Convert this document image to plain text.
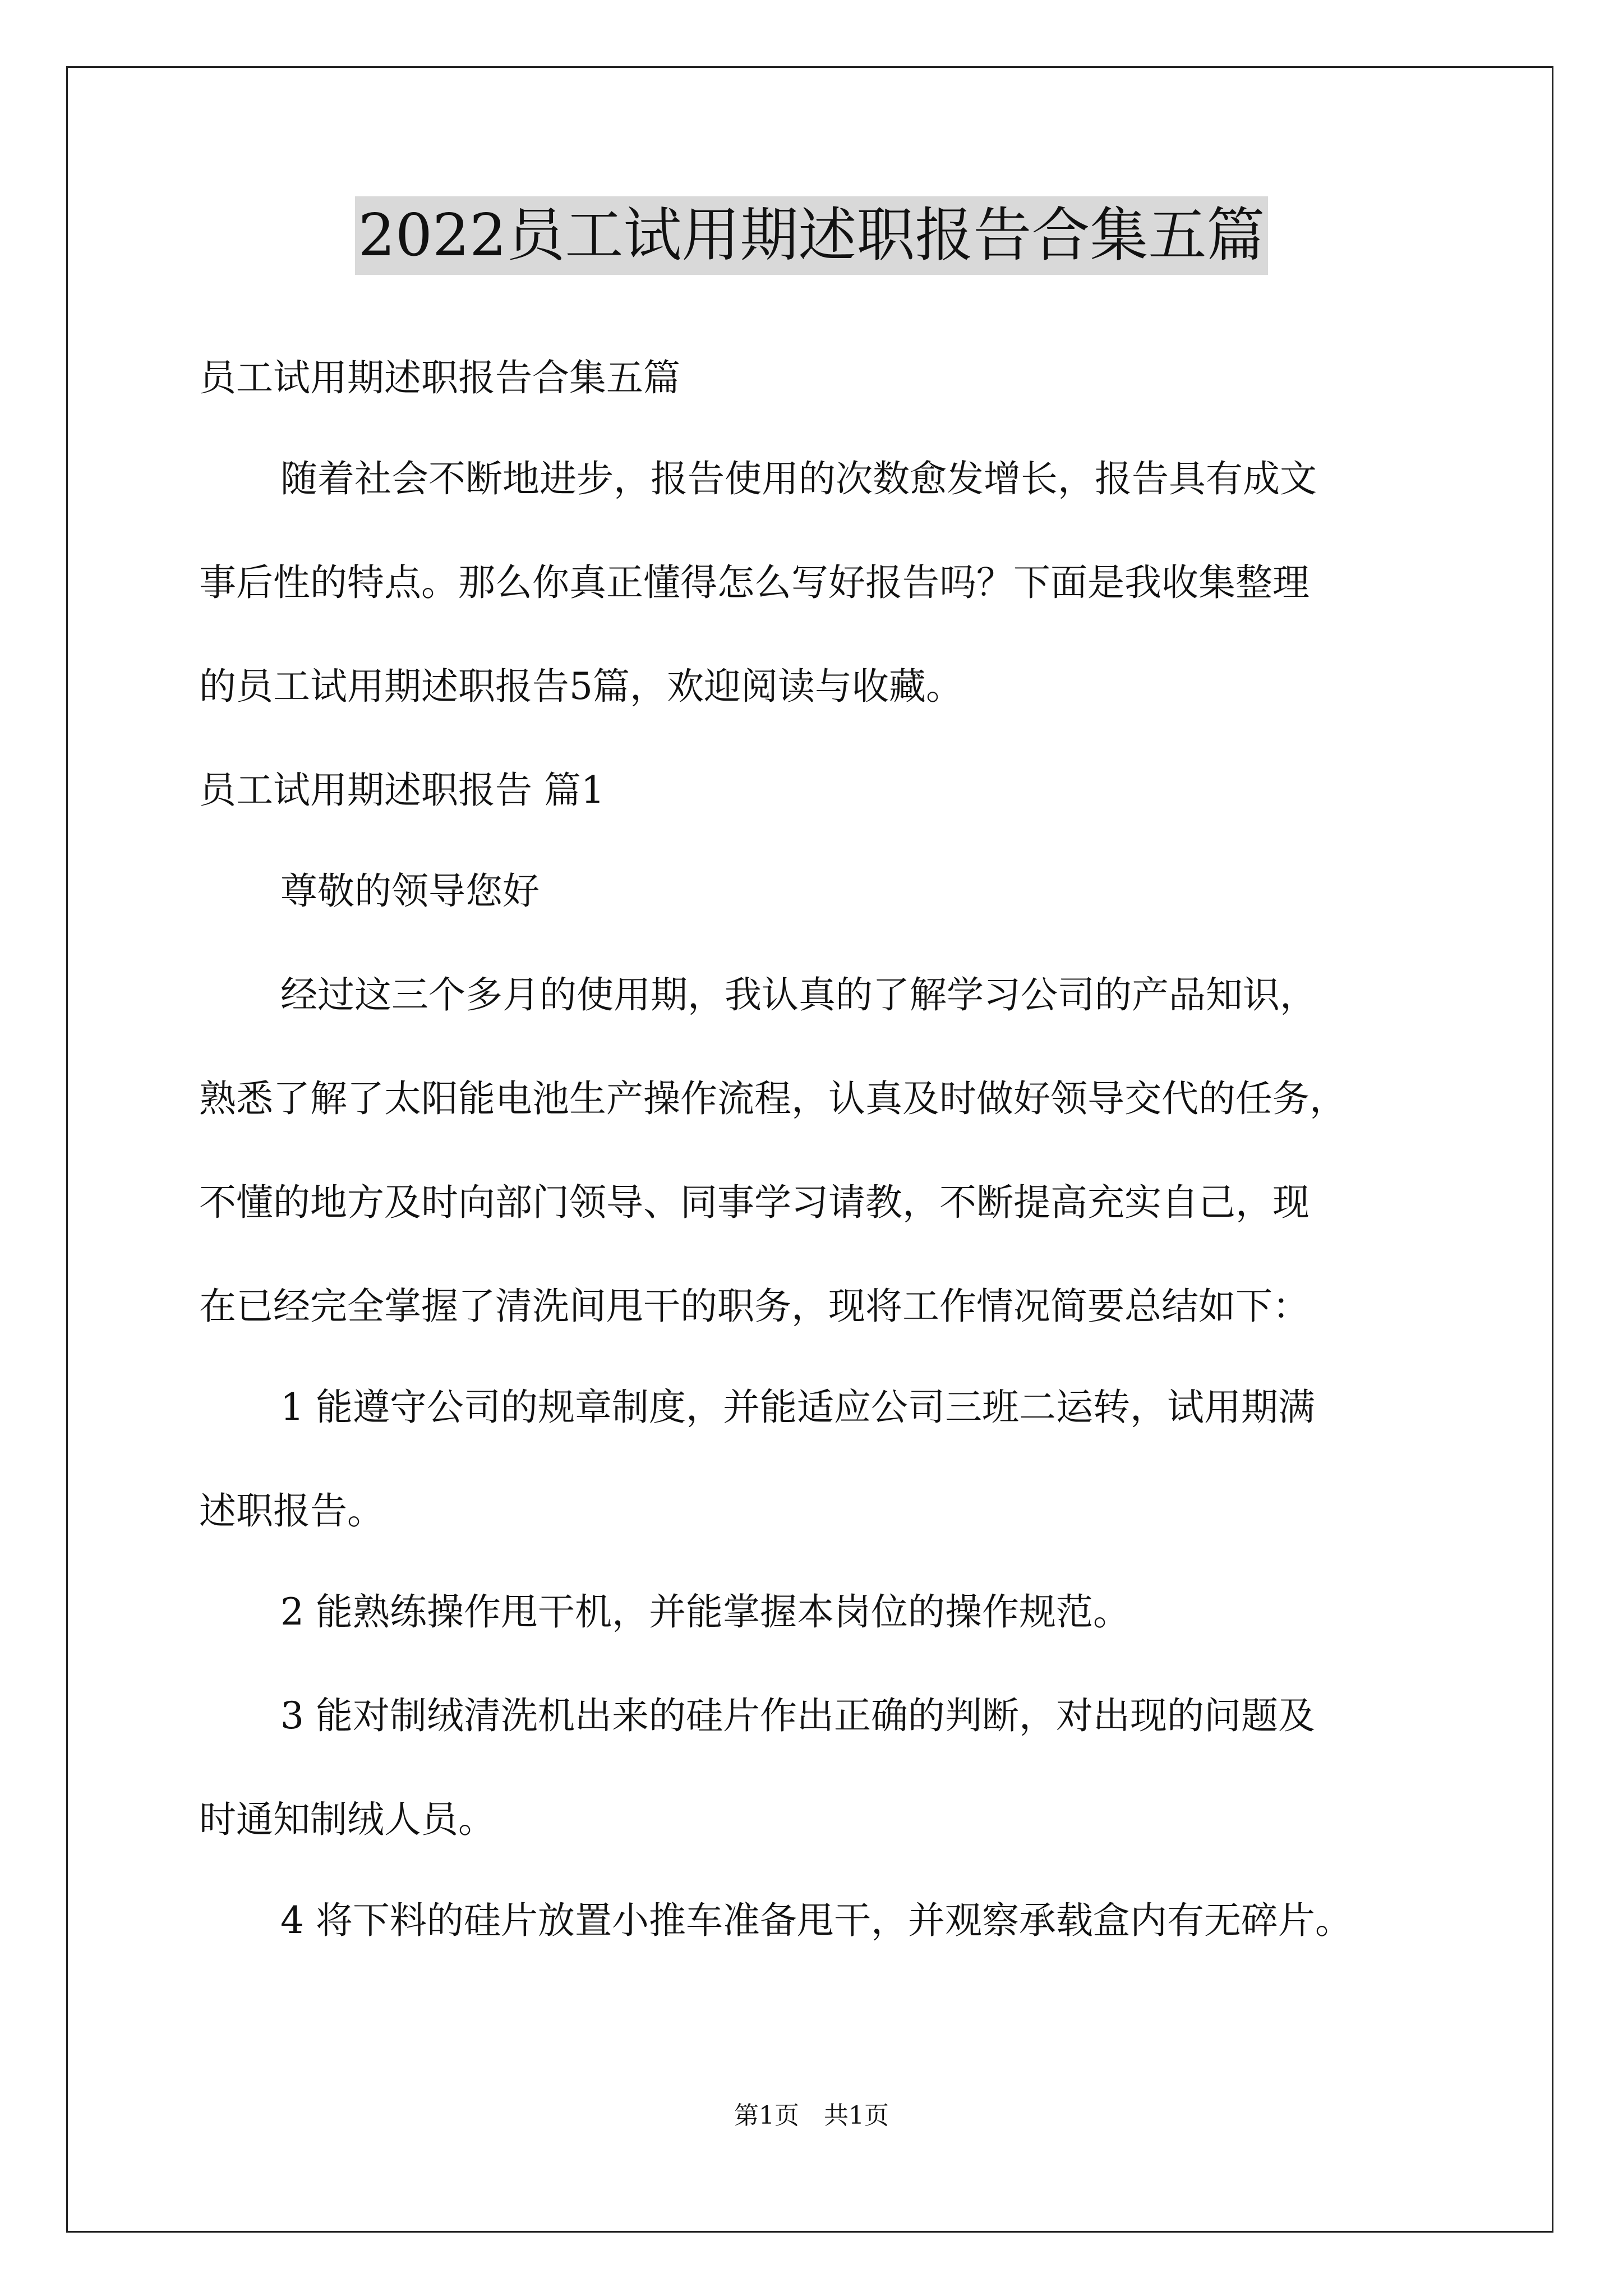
2022员工试用期述职报告合集五篇
员工试用期述职报告合集五篇
随着社会不断地进步，报告使用的次数愈发增长，报告具有成文
事后性的特点。那么你真正懂得怎么写好报告吗？下面是我收集整理
的员工试用期述职报告5篇，欢迎阅读与收藏。
员工试用期述职报告 篇1
尊敬的领导您好
经过这三个多月的使用期，我认真的了解学习公司的产品知识，
熟悉了解了太阳能电池生产操作流程，认真及时做好领导交代的任务，
不懂的地方及时向部门领导、同事学习请教，不断提高充实自己，现
在已经完全掌握了清洗间甩干的职务，现将工作情况简要总结如下：
1 能遵守公司的规章制度，并能适应公司三班二运转，试用期满
述职报告。
2 能熟练操作甩干机，并能掌握本岗位的操作规范。
3 能对制绒清洗机出来的硅片作出正确的判断，对出现的问题及
时通知制绒人员。
4 将下料的硅片放置小推车准备甩干，并观察承载盒内有无碎片。
第1页　共1页
